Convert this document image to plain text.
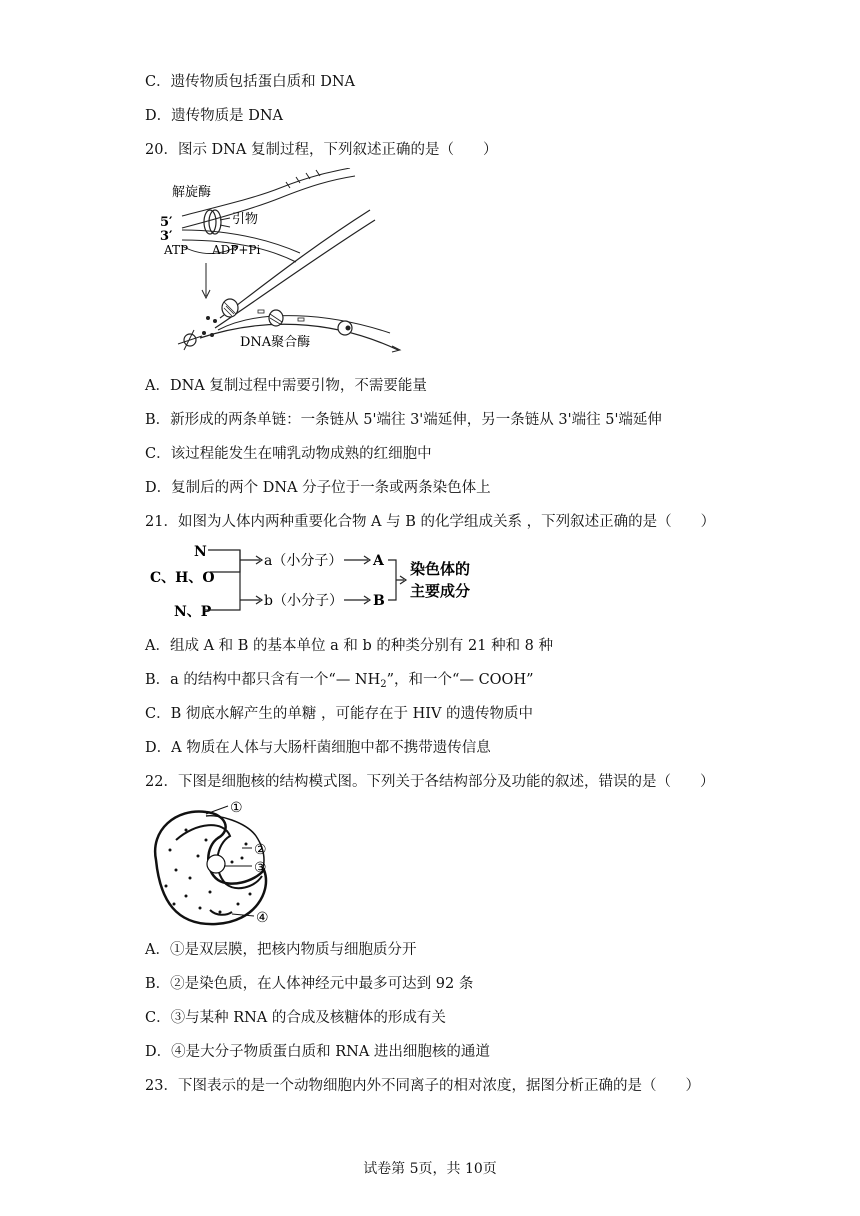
C．遗传物质包括蛋白质和 DNA
D．遗传物质是 DNA
20．图示 DNA 复制过程，下列叙述正确的是（　　）
解旋酶
引物
5′
3′
ATP ADP+Pi
DNA聚合酶
A．DNA 复制过程中需要引物，不需要能量
B．新形成的两条单链：一条链从 5'端往 3'端延伸，另一条链从 3'端往 5'端延伸
C．该过程能发生在哺乳动物成熟的红细胞中
D．复制后的两个 DNA 分子位于一条或两条染色体上
21．如图为人体内两种重要化合物 A 与 B 的化学组成关系 ，下列叙述正确的是（　　）
N
C、H、O
N、P
a（小分子）
b（小分子）
A
B
染色体的
主要成分
A．组成 A 和 B 的基本单位 a 和 b 的种类分别有 21 种和 8 种
B．a 的结构中都只含有一个“— $NH_2$”，和一个“— COOH”
C．B 彻底水解产生的单糖 ，可能存在于 HIV 的遗传物质中
D．A 物质在人体与大肠杆菌细胞中都不携带遗传信息
22．下图是细胞核的结构模式图。下列关于各结构部分及功能的叙述，错误的是（　　）
①
②
③
④
A．①是双层膜，把核内物质与细胞质分开
B．②是染色质，在人体神经元中最多可达到 92 条
C．③与某种 RNA 的合成及核糖体的形成有关
D．④是大分子物质蛋白质和 RNA 进出细胞核的通道
23．下图表示的是一个动物细胞内外不同离子的相对浓度，据图分析正确的是（　　）
试卷第 5页，共 10页
